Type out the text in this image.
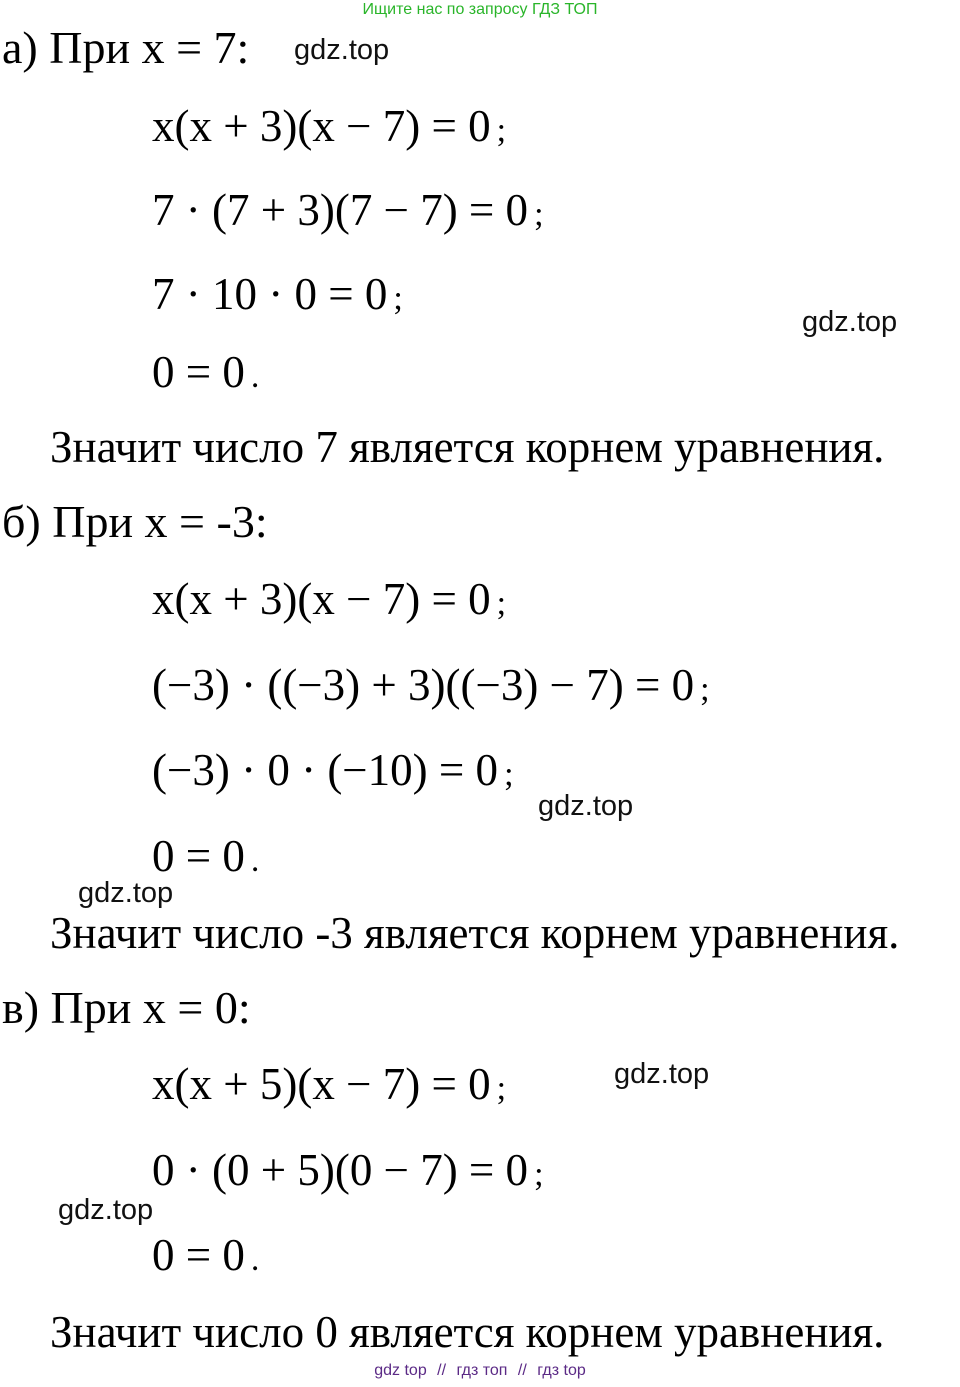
Ищите нас по запросу ГДЗ ТОП
а) При x = 7: gdz.top
x(x + 3)(x − 7) = 0 ;
7 · (7 + 3)(7 − 7) = 0 ;
7 · 10 · 0 = 0 ;
gdz.top
0 = 0 .
Значит число 7 является корнем уравнения.
б) При x = -3:
x(x + 3)(x − 7) = 0 ;
(−3) · ((−3) + 3)((−3) − 7) = 0 ;
(−3) · 0 · (−10) = 0 ;
gdz.top
0 = 0 .
gdz.top
Значит число -3 является корнем уравнения.
в) При x = 0:
x(x + 5)(x − 7) = 0 ;	gdz.top
0 · (0 + 5)(0 − 7) = 0 ;
gdz.top
0 = 0 .
Значит число 0 является корнем уравнения.
gdz top // гдз топ // гдз top
